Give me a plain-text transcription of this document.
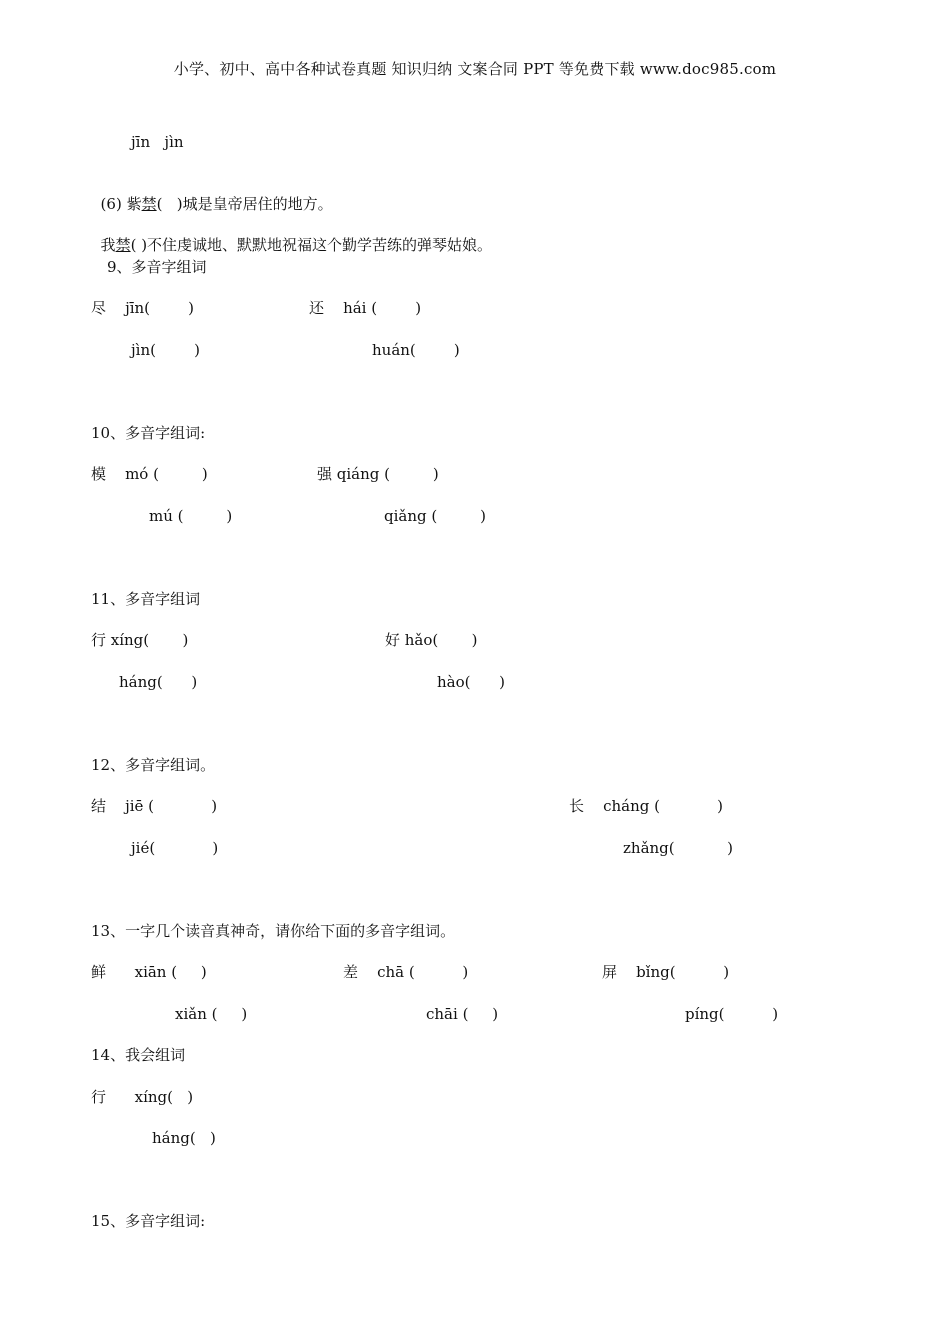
小学、初中、高中各种试卷真题 知识归纳 文案合同 PPT 等免费下载 www.doc985.com
jīn   jìn

(6) 紫禁(   )城是皇帝居住的地方。

我禁( )不住虔诚地、默默地祝福这个勤学苦练的弹琴姑娘。

9、多音字组词
尽    jīn(        )	还    hái (        )
jìn(        )	huán(        )
10、多音字组词:
模    mó (         )	强 qiáng (         )
mú (         )	qiǎng (         )
11、多音字组词
行 xíng(       )	好 hǎo(       )
háng(      )	hào(      )
12、多音字组词。
结    jiē (            )	长    cháng (            )
jié(            )	zhǎng(           )
13、一字几个读音真神奇，请你给下面的多音字组词。
鲜      xiān (     )	差    chā (          )	屏    bǐng(          )
xiǎn (     )	chāi (     )	píng(          )
14、我会组词
行      xíng(   )
háng(   )
15、多音字组词:
